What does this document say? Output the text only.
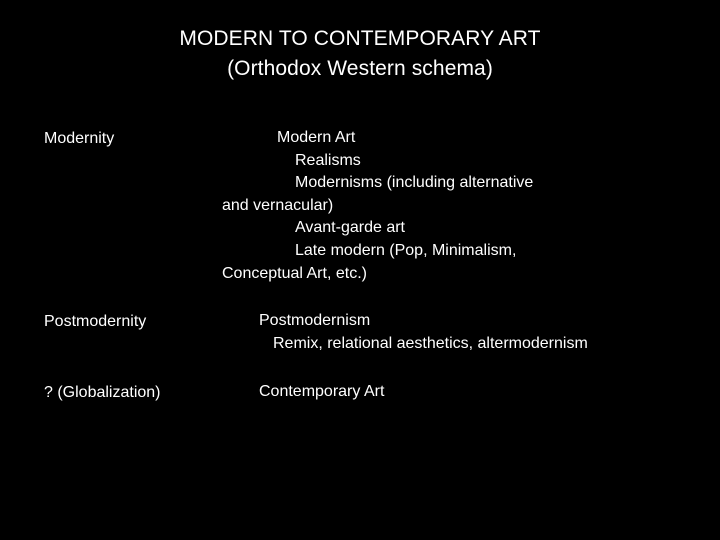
MODERN TO CONTEMPORARY ART
(Orthodox Western schema)
Modernity	Modern Art
Realisms
Modernisms (including alternative
and vernacular)
Avant-garde art
Late modern (Pop, Minimalism,
Conceptual Art, etc.)
Postmodernity	Postmodernism
Remix, relational aesthetics, altermodernism
? (Globalization)	Contemporary Art
